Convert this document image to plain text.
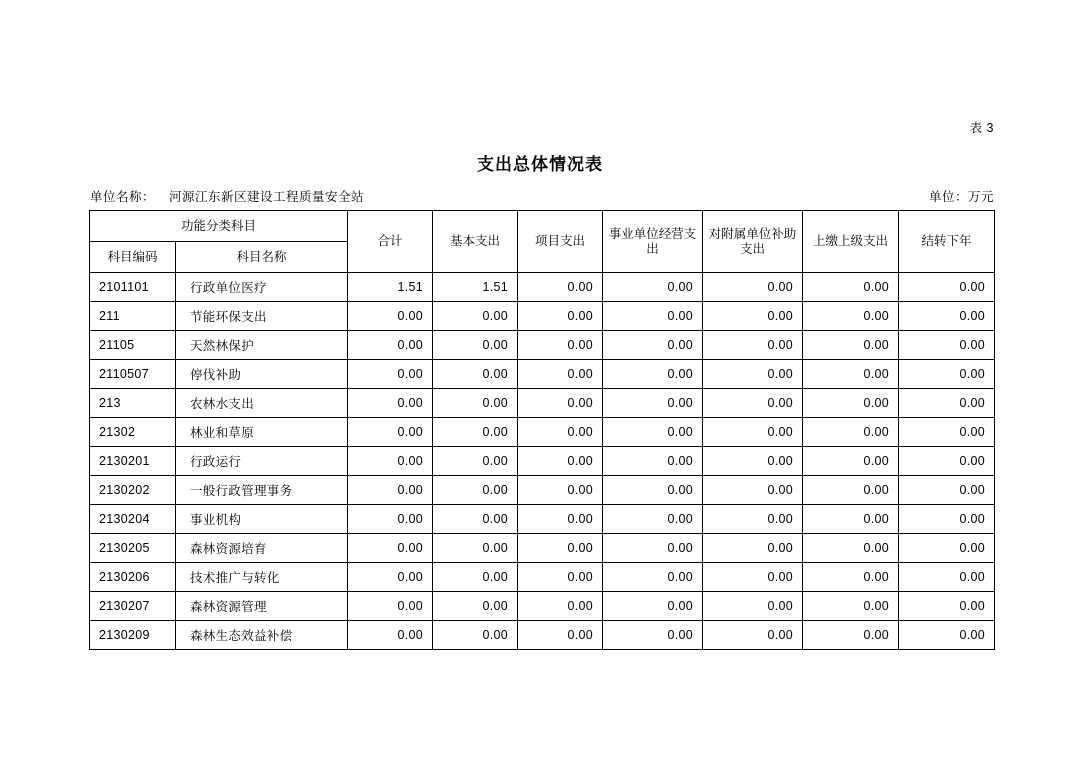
表 3
支出总体情况表
单位名称： 河源江东新区建设工程质量安全站	单位：万元
功能分类科目		合计	基本支出	项目支出	事业单位经营支出	对附属单位补助支出	上缴上级支出	结转下年
科目编码	科目名称							
2101101	行政单位医疗	1.51	1.51	0.00	0.00	0.00	0.00	0.00
211	节能环保支出	0.00	0.00	0.00	0.00	0.00	0.00	0.00
21105	天然林保护	0.00	0.00	0.00	0.00	0.00	0.00	0.00
2110507	停伐补助	0.00	0.00	0.00	0.00	0.00	0.00	0.00
213	农林水支出	0.00	0.00	0.00	0.00	0.00	0.00	0.00
21302	林业和草原	0.00	0.00	0.00	0.00	0.00	0.00	0.00
2130201	行政运行	0.00	0.00	0.00	0.00	0.00	0.00	0.00
2130202	一般行政管理事务	0.00	0.00	0.00	0.00	0.00	0.00	0.00
2130204	事业机构	0.00	0.00	0.00	0.00	0.00	0.00	0.00
2130205	森林资源培育	0.00	0.00	0.00	0.00	0.00	0.00	0.00
2130206	技术推广与转化	0.00	0.00	0.00	0.00	0.00	0.00	0.00
2130207	森林资源管理	0.00	0.00	0.00	0.00	0.00	0.00	0.00
2130209	森林生态效益补偿	0.00	0.00	0.00	0.00	0.00	0.00	0.00
